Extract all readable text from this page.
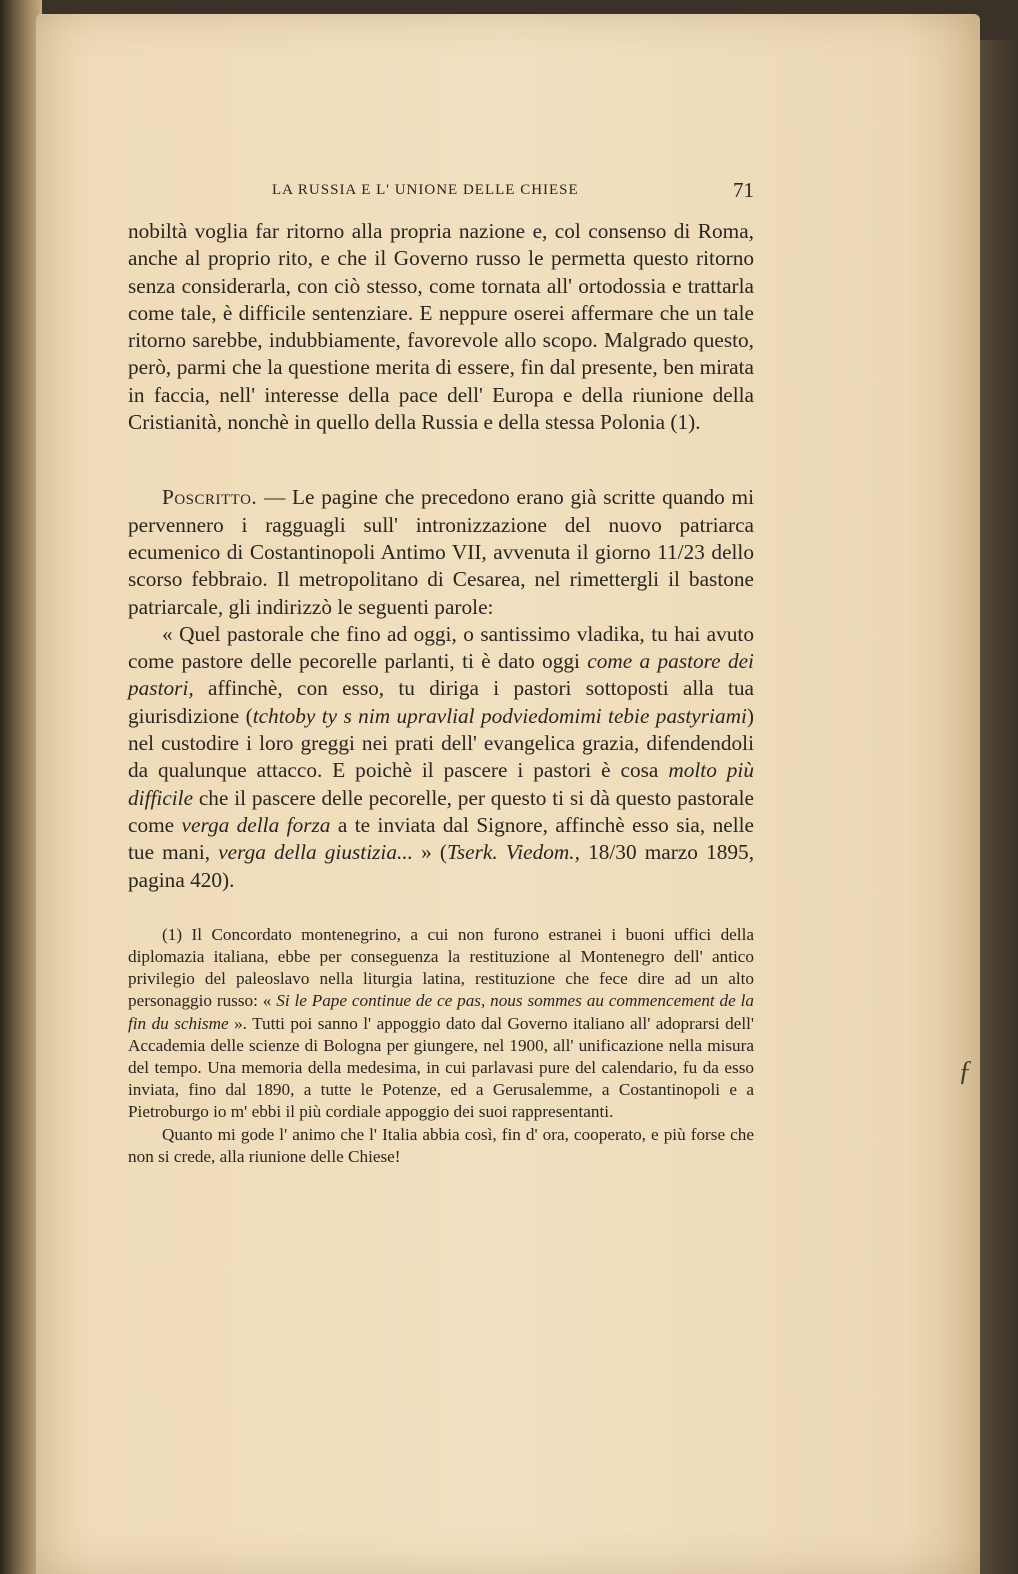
LA RUSSIA E L' UNIONE DELLE CHIESE	71

nobiltà voglia far ritorno alla propria nazione e, col consenso di Roma, anche al proprio rito, e che il Governo russo le permetta questo ritorno senza considerarla, con ciò stesso, come tornata all' ortodossia e trattarla come tale, è difficile sentenziare. E neppure oserei affermare che un tale ritorno sarebbe, indubbiamente, favorevole allo scopo. Malgrado questo, però, parmi che la questione merita di essere, fin dal presente, ben mirata in faccia, nell' interesse della pace dell' Europa e della riunione della Cristianità, nonchè in quello della Russia e della stessa Polonia (1).

Poscritto. — Le pagine che precedono erano già scritte quando mi pervennero i ragguagli sull' intronizzazione del nuovo patriarca ecumenico di Costantinopoli Antimo VII, avvenuta il giorno 11/23 dello scorso febbraio. Il metropolitano di Cesarea, nel rimettergli il bastone patriarcale, gli indirizzò le seguenti parole:

« Quel pastorale che fino ad oggi, o santissimo vladika, tu hai avuto come pastore delle pecorelle parlanti, ti è dato oggi come a pastore dei pastori, affinchè, con esso, tu diriga i pastori sottoposti alla tua giurisdizione (tchtoby ty s nim upravlial podviedomimi tebie pastyriami) nel custodire i loro greggi nei prati dell' evangelica grazia, difendendoli da qualunque attacco. E poichè il pascere i pastori è cosa molto più difficile che il pascere delle pecorelle, per questo ti si dà questo pastorale come verga della forza a te inviata dal Signore, affinchè esso sia, nelle tue mani, verga della giustizia... » (Tserk. Viedom., 18/30 marzo 1895, pagina 420).

(1) Il Concordato montenegrino, a cui non furono estranei i buoni uffici della diplomazia italiana, ebbe per conseguenza la restituzione al Montenegro dell' antico privilegio del paleoslavo nella liturgia latina, restituzione che fece dire ad un alto personaggio russo: « Si le Pape continue de ce pas, nous sommes au commencement de la fin du schisme ». Tutti poi sanno l' appoggio dato dal Governo italiano all' adoprarsi dell' Accademia delle scienze di Bologna per giungere, nel 1900, all' unificazione nella misura del tempo. Una memoria della medesima, in cui parlavasi pure del calendario, fu da esso inviata, fino dal 1890, a tutte le Potenze, ed a Gerusalemme, a Costantinopoli e a Pietroburgo io m' ebbi il più cordiale appoggio dei suoi rappresentanti.

Quanto mi gode l' animo che l' Italia abbia così, fin d' ora, cooperato, e più forse che non si crede, alla riunione delle Chiese!

ƒ
